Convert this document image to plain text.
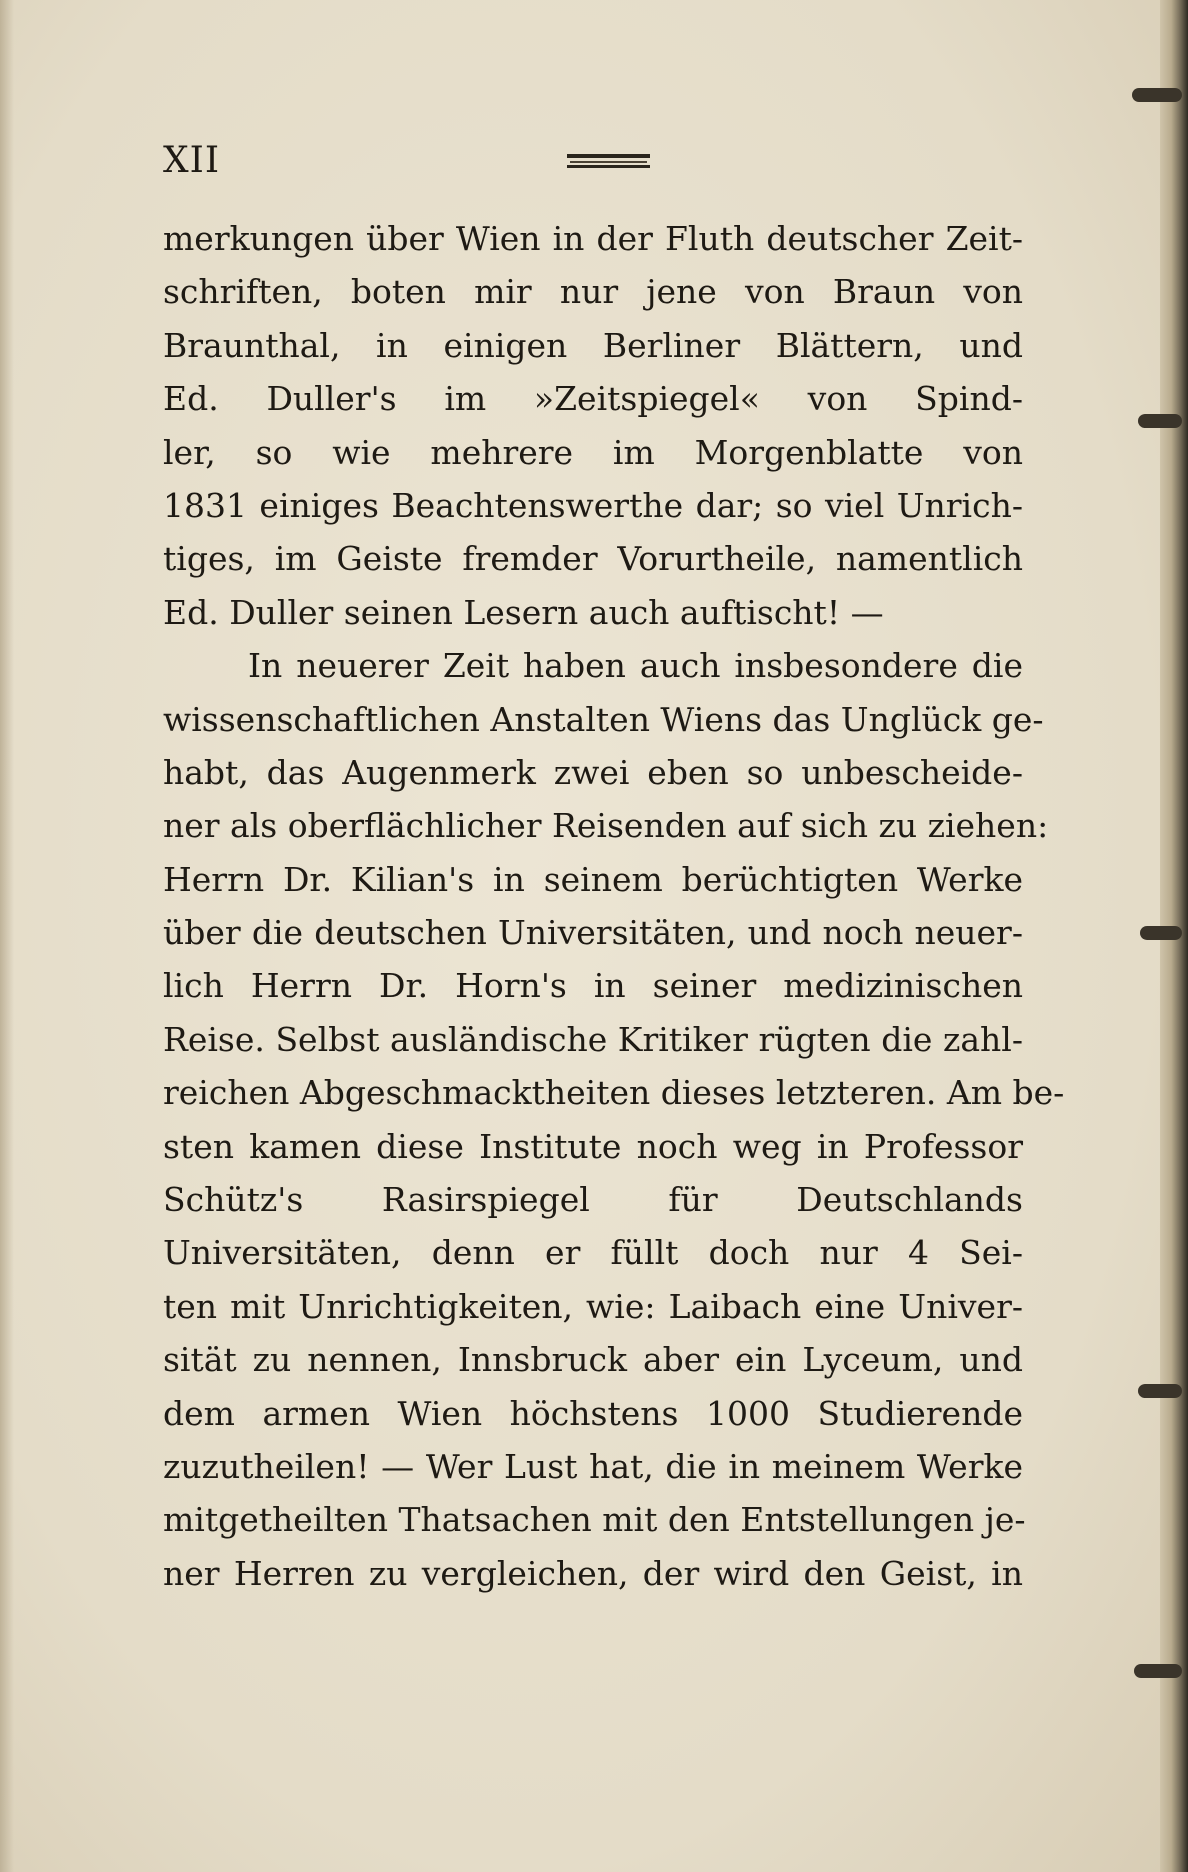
XII
merkungen über Wien in der Fluth deutscher Zeit-
schriften, boten mir nur jene von Braun von
Braunthal, in einigen Berliner Blättern, und
Ed. Duller's im »Zeitspiegel« von Spind-
ler, so wie mehrere im Morgenblatte von
1831 einiges Beachtenswerthe dar; so viel Unrich-
tiges, im Geiste fremder Vorurtheile, namentlich
Ed. Duller seinen Lesern auch auftischt! —
In neuerer Zeit haben auch insbesondere die
wissenschaftlichen Anstalten Wiens das Unglück ge-
habt, das Augenmerk zwei eben so unbescheide-
ner als oberflächlicher Reisenden auf sich zu ziehen:
Herrn Dr. Kilian's in seinem berüchtigten Werke
über die deutschen Universitäten, und noch neuer-
lich Herrn Dr. Horn's in seiner medizinischen
Reise. Selbst ausländische Kritiker rügten die zahl-
reichen Abgeschmacktheiten dieses letzteren. Am be-
sten kamen diese Institute noch weg in Professor
Schütz's Rasirspiegel für Deutschlands
Universitäten, denn er füllt doch nur 4 Sei-
ten mit Unrichtigkeiten, wie: Laibach eine Univer-
sität zu nennen, Innsbruck aber ein Lyceum, und
dem armen Wien höchstens 1000 Studierende
zuzutheilen! — Wer Lust hat, die in meinem Werke
mitgetheilten Thatsachen mit den Entstellungen je-
ner Herren zu vergleichen, der wird den Geist, in
